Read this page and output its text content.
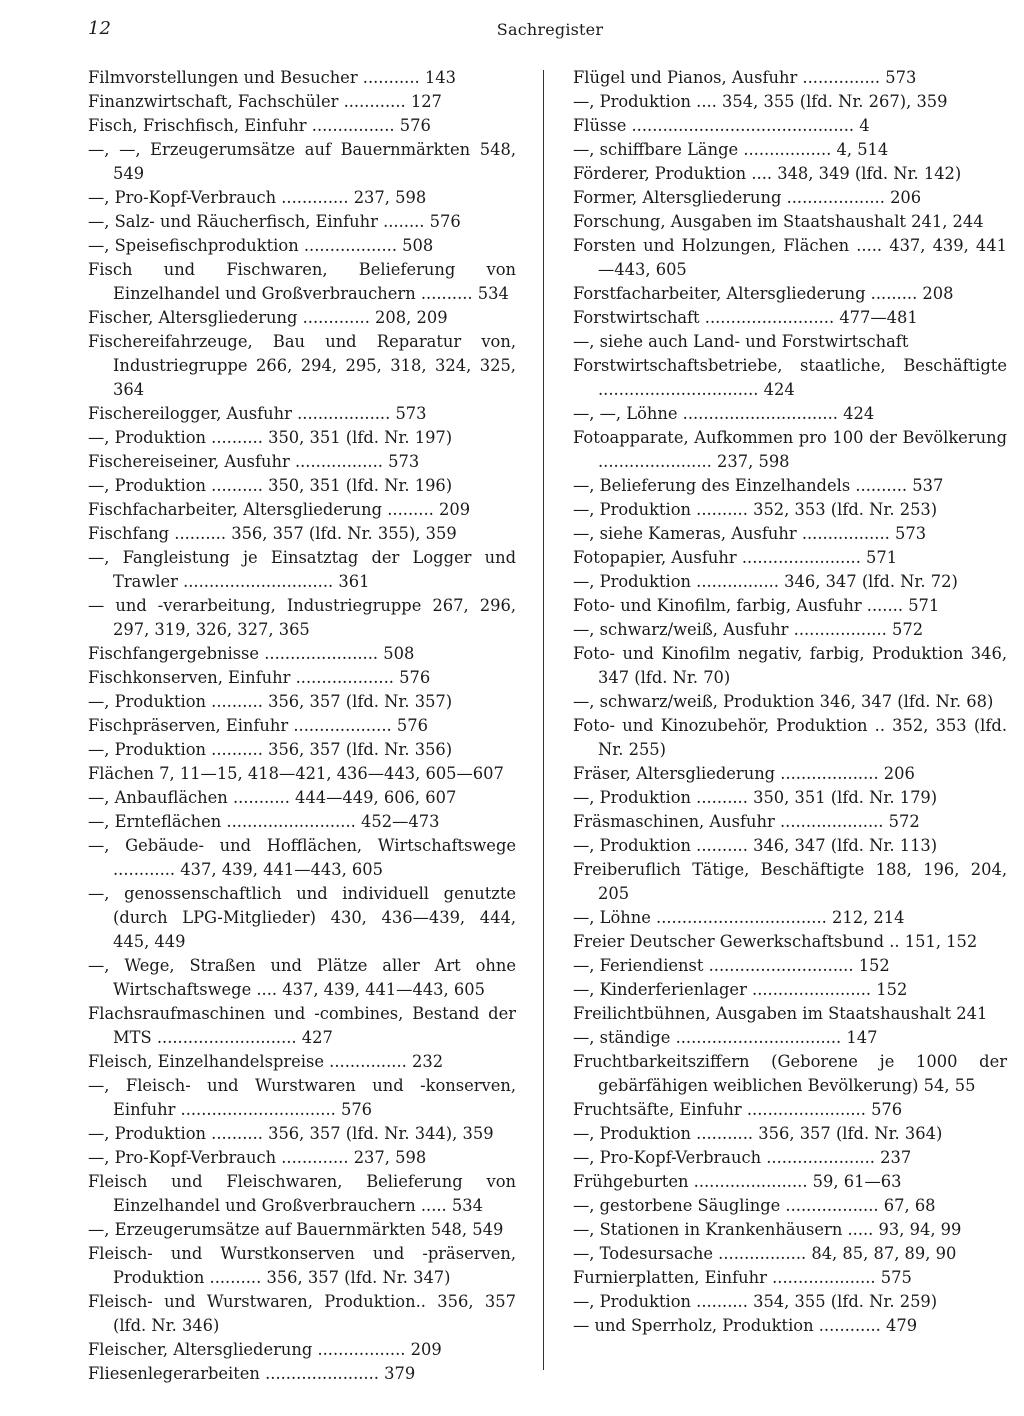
12	Sachregister
Filmvorstellungen und Besucher ........... 143
Finanzwirtschaft, Fachschüler ............ 127
Fisch, Frischfisch, Einfuhr ................ 576
—, —, Erzeugerumsätze auf Bauernmärkten 548, 549
—, Pro-Kopf-Verbrauch ............. 237, 598
—, Salz- und Räucherfisch, Einfuhr ........ 576
—, Speisefischproduktion .................. 508
Fisch und Fischwaren, Belieferung von Einzelhandel und Großverbrauchern .......... 534
Fischer, Altersgliederung ............. 208, 209
Fischereifahrzeuge, Bau und Reparatur von, Industriegruppe 266, 294, 295, 318, 324, 325, 364
Fischereilogger, Ausfuhr .................. 573
—, Produktion .......... 350, 351 (lfd. Nr. 197)
Fischereiseiner, Ausfuhr ................. 573
—, Produktion .......... 350, 351 (lfd. Nr. 196)
Fischfacharbeiter, Altersgliederung ......... 209
Fischfang .......... 356, 357 (lfd. Nr. 355), 359
—, Fangleistung je Einsatztag der Logger und Trawler ............................. 361
— und -verarbeitung, Industriegruppe 267, 296, 297, 319, 326, 327, 365
Fischfangergebnisse ...................... 508
Fischkonserven, Einfuhr ................... 576
—, Produktion .......... 356, 357 (lfd. Nr. 357)
Fischpräserven, Einfuhr ................... 576
—, Produktion .......... 356, 357 (lfd. Nr. 356)
Flächen 7, 11—15, 418—421, 436—443, 605—607
—, Anbauflächen ........... 444—449, 606, 607
—, Ernteflächen ......................... 452—473
—, Gebäude- und Hofflächen, Wirtschaftswege ............ 437, 439, 441—443, 605
—, genossenschaftlich und individuell genutzte (durch LPG-Mitglieder) 430, 436—439, 444, 445, 449
—, Wege, Straßen und Plätze aller Art ohne Wirtschaftswege .... 437, 439, 441—443, 605
Flachsraufmaschinen und -combines, Bestand der MTS ........................... 427
Fleisch, Einzelhandelspreise ............... 232
—, Fleisch- und Wurstwaren und -konserven, Einfuhr .............................. 576
—, Produktion .......... 356, 357 (lfd. Nr. 344), 359
—, Pro-Kopf-Verbrauch ............. 237, 598
Fleisch und Fleischwaren, Belieferung von Einzelhandel und Großverbrauchern ..... 534
—, Erzeugerumsätze auf Bauernmärkten 548, 549
Fleisch- und Wurstkonserven und -präserven, Produktion .......... 356, 357 (lfd. Nr. 347)
Fleisch- und Wurstwaren, Produktion.. 356, 357 (lfd. Nr. 346)
Fleischer, Altersgliederung ................. 209
Fliesenlegerarbeiten ...................... 379
Flügel und Pianos, Ausfuhr ............... 573
—, Produktion .... 354, 355 (lfd. Nr. 267), 359
Flüsse ........................................... 4
—, schiffbare Länge ................. 4, 514
Förderer, Produktion .... 348, 349 (lfd. Nr. 142)
Former, Altersgliederung ................... 206
Forschung, Ausgaben im Staatshaushalt 241, 244
Forsten und Holzungen, Flächen ..... 437, 439, 441—443, 605
Forstfacharbeiter, Altersgliederung ......... 208
Forstwirtschaft ......................... 477—481
—, siehe auch Land- und Forstwirtschaft
Forstwirtschaftsbetriebe, staatliche, Beschäftigte ............................... 424
—, —, Löhne .............................. 424
Fotoapparate, Aufkommen pro 100 der Bevölkerung ...................... 237, 598
—, Belieferung des Einzelhandels .......... 537
—, Produktion .......... 352, 353 (lfd. Nr. 253)
—, siehe Kameras, Ausfuhr ................. 573
Fotopapier, Ausfuhr ....................... 571
—, Produktion ................ 346, 347 (lfd. Nr. 72)
Foto- und Kinofilm, farbig, Ausfuhr ....... 571
—, schwarz/weiß, Ausfuhr .................. 572
Foto- und Kinofilm negativ, farbig, Produktion 346, 347 (lfd. Nr. 70)
—, schwarz/weiß, Produktion 346, 347 (lfd. Nr. 68)
Foto- und Kinozubehör, Produktion .. 352, 353 (lfd. Nr. 255)
Fräser, Altersgliederung ................... 206
—, Produktion .......... 350, 351 (lfd. Nr. 179)
Fräsmaschinen, Ausfuhr .................... 572
—, Produktion .......... 346, 347 (lfd. Nr. 113)
Freiberuflich Tätige, Beschäftigte 188, 196, 204, 205
—, Löhne ................................. 212, 214
Freier Deutscher Gewerkschaftsbund .. 151, 152
—, Feriendienst ............................ 152
—, Kinderferienlager ....................... 152
Freilichtbühnen, Ausgaben im Staatshaushalt 241
—, ständige ................................ 147
Fruchtbarkeitsziffern (Geborene je 1000 der gebärfähigen weiblichen Bevölkerung) 54, 55
Fruchtsäfte, Einfuhr ....................... 576
—, Produktion ........... 356, 357 (lfd. Nr. 364)
—, Pro-Kopf-Verbrauch ..................... 237
Frühgeburten ...................... 59, 61—63
—, gestorbene Säuglinge .................. 67, 68
—, Stationen in Krankenhäusern ..... 93, 94, 99
—, Todesursache ................. 84, 85, 87, 89, 90
Furnierplatten, Einfuhr .................... 575
—, Produktion .......... 354, 355 (lfd. Nr. 259)
— und Sperrholz, Produktion ............ 479
